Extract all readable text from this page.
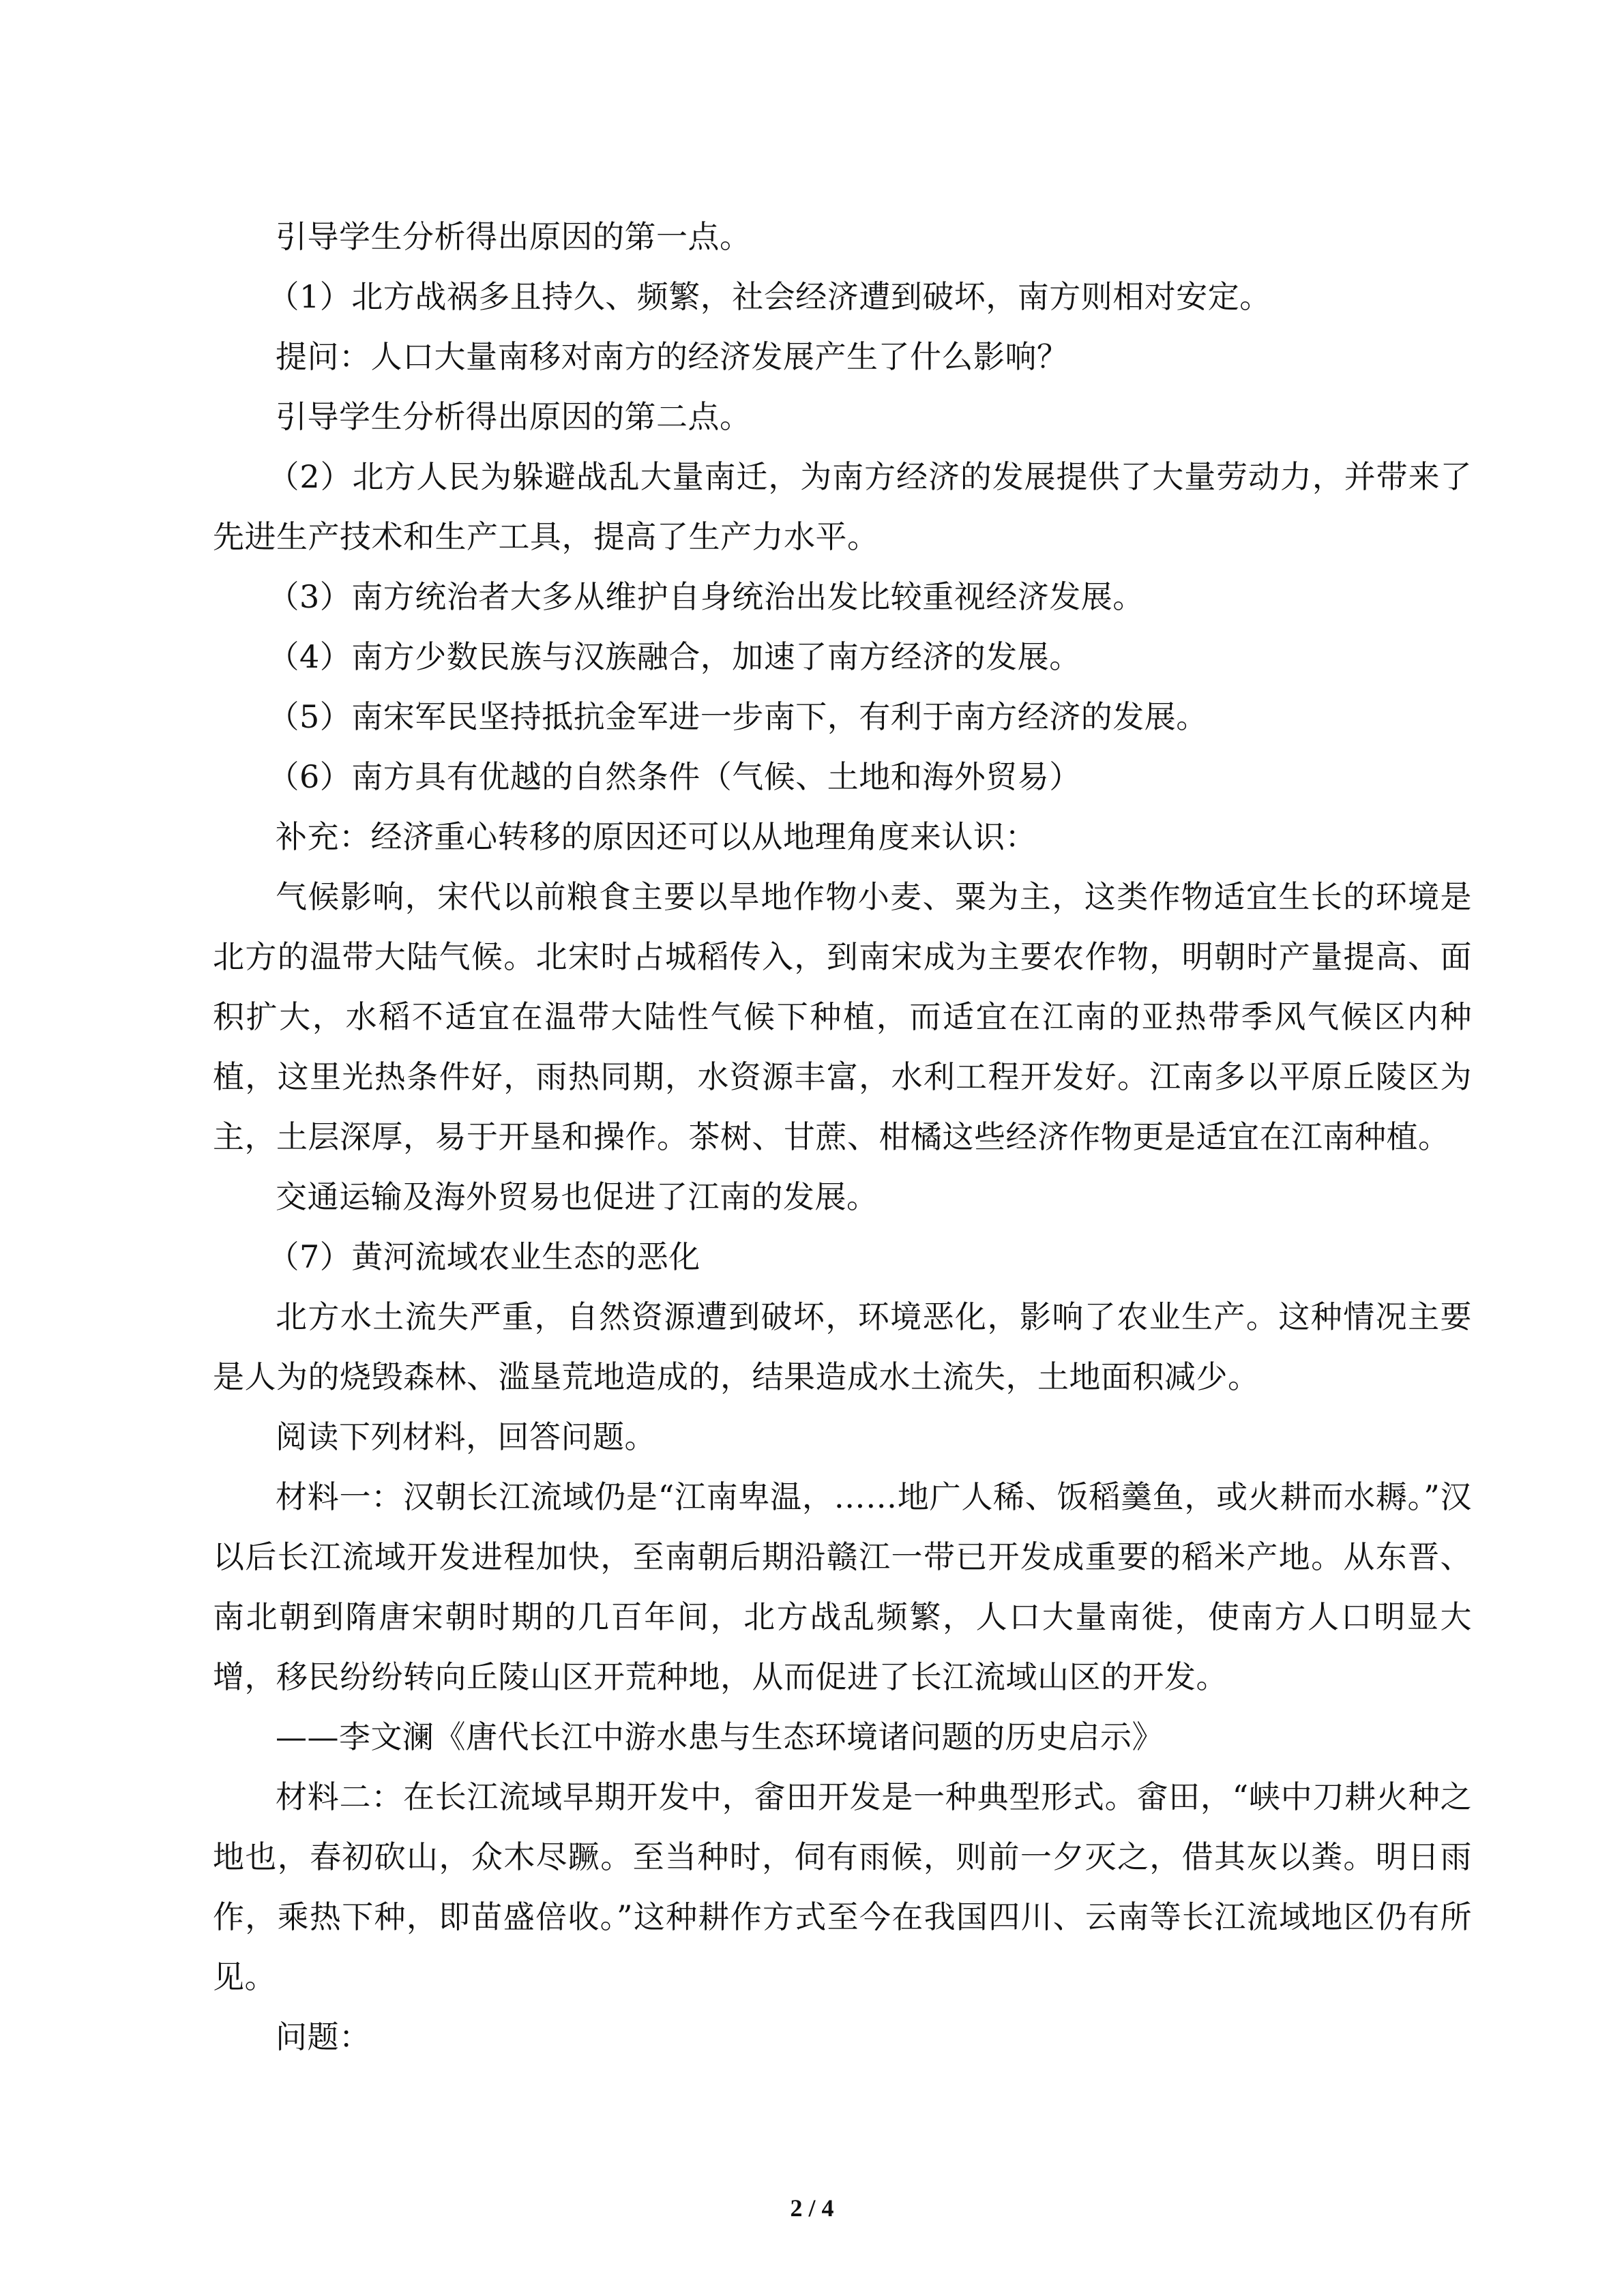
引导学生分析得出原因的第一点。

（1）北方战祸多且持久、频繁，社会经济遭到破坏，南方则相对安定。

提问：人口大量南移对南方的经济发展产生了什么影响？

引导学生分析得出原因的第二点。

（2）北方人民为躲避战乱大量南迁，为南方经济的发展提供了大量劳动力，并带来了先进生产技术和生产工具，提高了生产力水平。

（3）南方统治者大多从维护自身统治出发比较重视经济发展。

（4）南方少数民族与汉族融合，加速了南方经济的发展。

（5）南宋军民坚持抵抗金军进一步南下，有利于南方经济的发展。

（6）南方具有优越的自然条件（气候、土地和海外贸易）

补充：经济重心转移的原因还可以从地理角度来认识：

气候影响，宋代以前粮食主要以旱地作物小麦、粟为主，这类作物适宜生长的环境是北方的温带大陆气候。北宋时占城稻传入，到南宋成为主要农作物，明朝时产量提高、面积扩大，水稻不适宜在温带大陆性气候下种植，而适宜在江南的亚热带季风气候区内种植，这里光热条件好，雨热同期，水资源丰富，水利工程开发好。江南多以平原丘陵区为主，土层深厚，易于开垦和操作。茶树、甘蔗、柑橘这些经济作物更是适宜在江南种植。

交通运输及海外贸易也促进了江南的发展。

（7）黄河流域农业生态的恶化

北方水土流失严重，自然资源遭到破坏，环境恶化，影响了农业生产。这种情况主要是人为的烧毁森林、滥垦荒地造成的，结果造成水土流失，土地面积减少。

阅读下列材料，回答问题。

材料一：汉朝长江流域仍是“江南卑温，……地广人稀、饭稻羹鱼，或火耕而水耨。”汉以后长江流域开发进程加快，至南朝后期沿赣江一带已开发成重要的稻米产地。从东晋、南北朝到隋唐宋朝时期的几百年间，北方战乱频繁，人口大量南徙，使南方人口明显大增，移民纷纷转向丘陵山区开荒种地，从而促进了长江流域山区的开发。

——李文澜《唐代长江中游水患与生态环境诸问题的历史启示》

材料二：在长江流域早期开发中，畲田开发是一种典型形式。畲田，“峡中刀耕火种之地也，春初砍山，众木尽蹶。至当种时，伺有雨候，则前一夕灭之，借其灰以粪。明日雨作，乘热下种，即苗盛倍收。”这种耕作方式至今在我国四川、云南等长江流域地区仍有所见。

问题：

2 / 4
